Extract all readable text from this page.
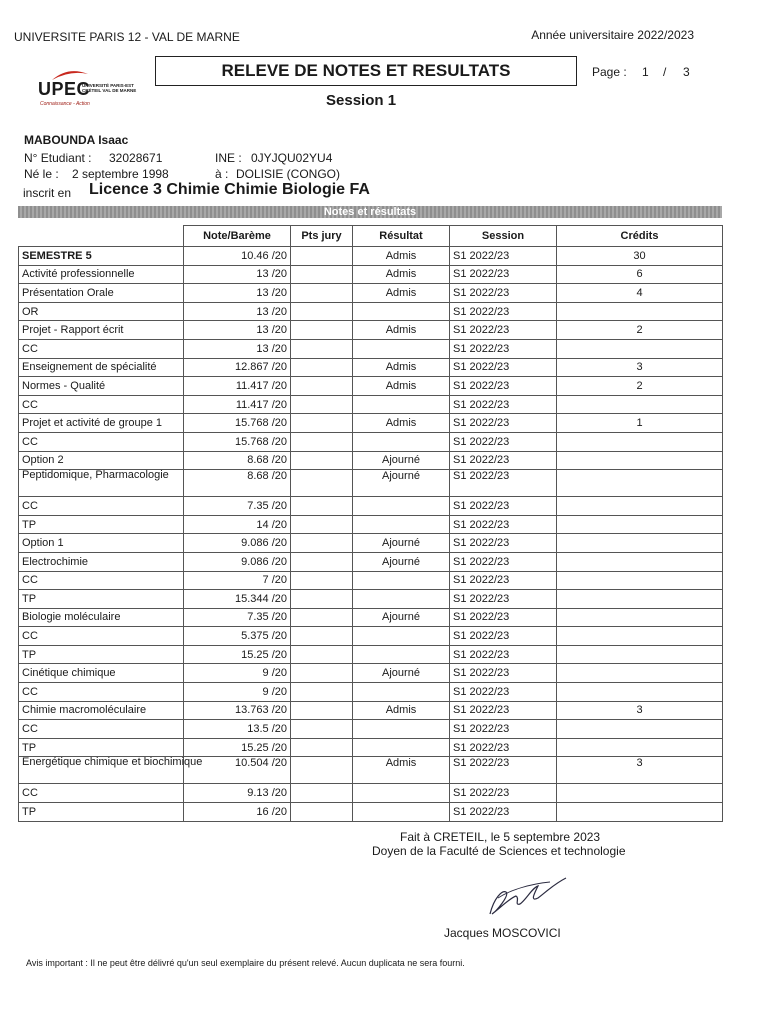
UNIVERSITE PARIS 12 - VAL DE MARNE	Année universitaire 2022/2023
UPEC
UNIVERSITÉ PARIS-EST CRÉTEIL VAL DE MARNE
Connaissance - Action
RELEVE DE NOTES ET RESULTATS	Page : 1 / 3
Session 1
MABOUNDA Isaac
N° Etudiant : 32028671	INE : 0JYJQU02YU4
Né le : 2 septembre 1998	à : DOLISIE (CONGO)
inscrit en Licence 3 Chimie Chimie Biologie FA
Notes et résultats
	Note/Barème	Pts jury	Résultat	Session	Crédits
SEMESTRE 5	10.46 /20		Admis	S1 2022/23	30
Activité professionnelle	13 /20		Admis	S1 2022/23	6
Présentation Orale	13 /20		Admis	S1 2022/23	4
OR	13 /20			S1 2022/23	
Projet - Rapport écrit	13 /20		Admis	S1 2022/23	2
CC	13 /20			S1 2022/23	
Enseignement de spécialité	12.867 /20		Admis	S1 2022/23	3
Normes - Qualité	11.417 /20		Admis	S1 2022/23	2
CC	11.417 /20			S1 2022/23	
Projet et activité de groupe 1	15.768 /20		Admis	S1 2022/23	1
CC	15.768 /20			S1 2022/23	
Option 2	8.68 /20		Ajourné	S1 2022/23	
Peptidomique, Pharmacologie	8.68 /20		Ajourné	S1 2022/23	
CC	7.35 /20			S1 2022/23	
TP	14 /20			S1 2022/23	
Option 1	9.086 /20		Ajourné	S1 2022/23	
Electrochimie	9.086 /20		Ajourné	S1 2022/23	
CC	7 /20			S1 2022/23	
TP	15.344 /20			S1 2022/23	
Biologie moléculaire	7.35 /20		Ajourné	S1 2022/23	
CC	5.375 /20			S1 2022/23	
TP	15.25 /20			S1 2022/23	
Cinétique chimique	9 /20		Ajourné	S1 2022/23	
CC	9 /20			S1 2022/23	
Chimie macromoléculaire	13.763 /20		Admis	S1 2022/23	3
CC	13.5 /20			S1 2022/23	
TP	15.25 /20			S1 2022/23	
Energétique chimique et biochimique	10.504 /20		Admis	S1 2022/23	3
CC	9.13 /20			S1 2022/23	
TP	16 /20			S1 2022/23	
Fait à CRETEIL, le 5 septembre 2023
Doyen de la Faculté de Sciences et technologie
Jacques MOSCOVICI
Avis important : Il ne peut être délivré qu'un seul exemplaire du présent relevé. Aucun duplicata ne sera fourni.
